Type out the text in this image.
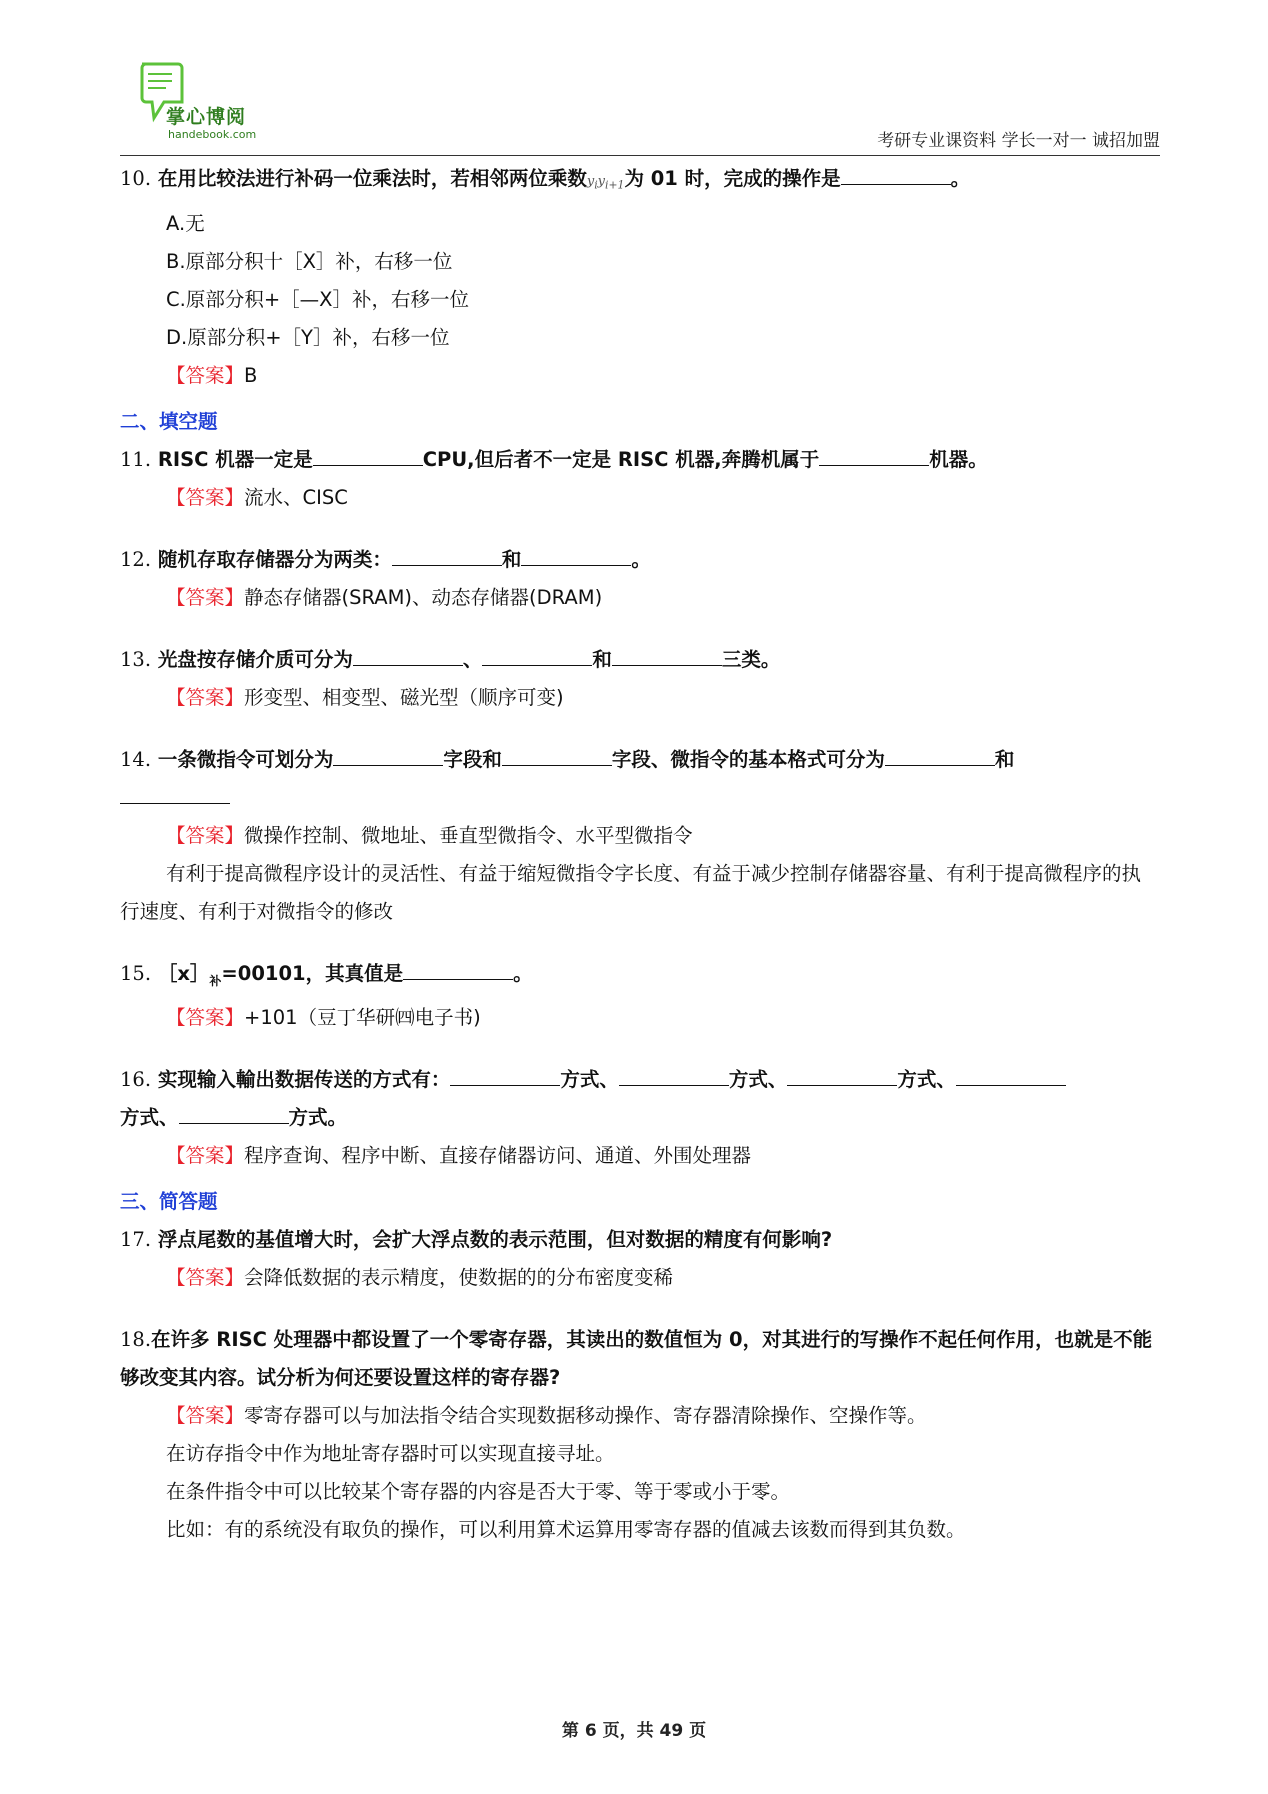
掌心博阅
handebook.com	考研专业课资料 学长一对一 诚招加盟
10. 在用比较法进行补码一位乘法时，若相邻两位乘数$y_iy_{i+1}$为 01 时，完成的操作是	。
A.无
B.原部分积十［X］补，右移一位
C.原部分积+［—X］补，右移一位
D.原部分积+［Y］补，右移一位
【答案】B
二、填空题
11. RISC 机器一定是	CPU,但后者不一定是 RISC 机器,奔腾机属于	机器。
【答案】流水、CISC
12. 随机存取存储器分为两类：	和	。
【答案】静态存储器(SRAM)、动态存储器(DRAM)
13. 光盘按存储介质可分为	、	和	三类。
【答案】形变型、相变型、磁光型（顺序可变)
14. 一条微指令可划分为	字段和	字段、微指令的基本格式可分为	和

【答案】微操作控制、微地址、垂直型微指令、水平型微指令
有利于提高微程序设计的灵活性、有益于缩短微指令字长度、有益于减少控制存储器容量、有利于提高微程序的执行速度、有利于对微指令的修改
15. $[x]_补=00101$，其真值是	。
【答案】+101（豆丁华研㈣电子书)
16. 实现输入輸出数据传送的方式有：	方式、	方式、	方式、
方式、	方式。
【答案】程序查询、程序中断、直接存储器访问、通道、外围处理器
三、简答题
17. 浮点尾数的基值增大时，会扩大浮点数的表示范围，但对数据的精度有何影响?
【答案】会降低数据的表示精度，使数据的的分布密度变稀
18.在许多 RISC 处理器中都设置了一个零寄存器，其读出的数值恒为 0，对其进行的写操作不起任何作用，也就是不能够改变其内容。试分析为何还要设置这样的寄存器?
【答案】零寄存器可以与加法指令结合实现数据移动操作、寄存器清除操作、空操作等。
在访存指令中作为地址寄存器时可以实现直接寻址。
在条件指令中可以比较某个寄存器的内容是否大于零、等于零或小于零。
比如：有的系统没有取负的操作，可以利用算术运算用零寄存器的值减去该数而得到其负数。
第 6 页，共 49 页
